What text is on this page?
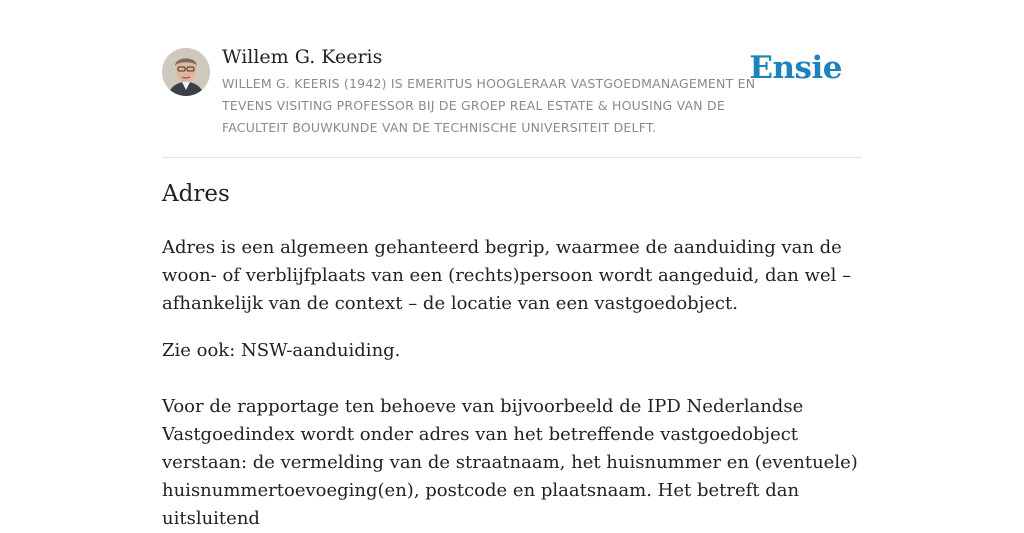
Willem G. Keeris
WILLEM G. KEERIS (1942) IS EMERITUS HOOGLERAAR VASTGOEDMANAGEMENT EN TEVENS VISITING PROFESSOR BIJ DE GROEP REAL ESTATE & HOUSING VAN DE FACULTEIT BOUWKUNDE VAN DE TECHNISCHE UNIVERSITEIT DELFT.
Ensie
Adres

Adres is een algemeen gehanteerd begrip, waarmee de aanduiding van de woon- of verblijfplaats van een (rechts)persoon wordt aangeduid, dan wel – afhankelijk van de context – de locatie van een vastgoedobject.

Zie ook: NSW-aanduiding.

Voor de rapportage ten behoeve van bijvoorbeeld de IPD Nederlandse Vastgoedindex wordt onder adres van het betreffende vastgoedobject verstaan: de vermelding van de straatnaam, het huisnummer en (eventuele) huisnummertoevoeging(en), postcode en plaatsnaam. Het betreft dan uitsluitend
